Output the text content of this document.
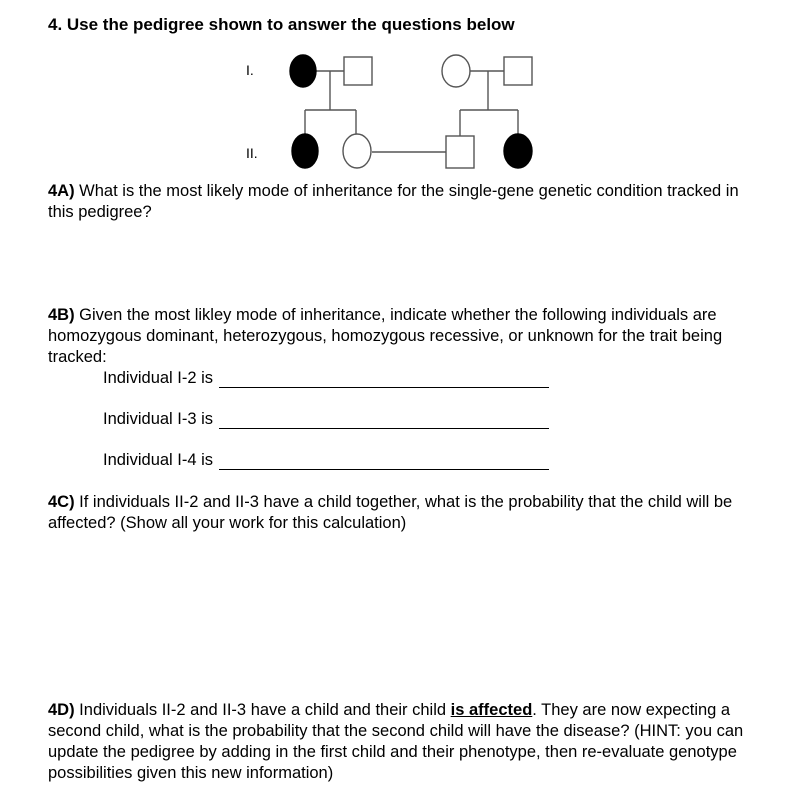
4. Use the pedigree shown to answer the questions below

I.
II.

4A) What is the most likely mode of inheritance for the single-gene genetic condition tracked in this pedigree?

4B) Given the most likley mode of inheritance, indicate whether the following individuals are homozygous dominant, heterozygous, homozygous recessive, or unknown for the trait being tracked:

Individual I-2 is
Individual I-3 is
Individual I-4 is

4C) If individuals II-2 and II-3 have a child together, what is the probability that the child will be affected? (Show all your work for this calculation)

4D) Individuals II-2 and II-3 have a child and their child is affected. They are now expecting a second child, what is the probability that the second child will have the disease? (HINT: you can update the pedigree by adding in the first child and their phenotype, then re-evaluate genotype possibilities given this new information)
